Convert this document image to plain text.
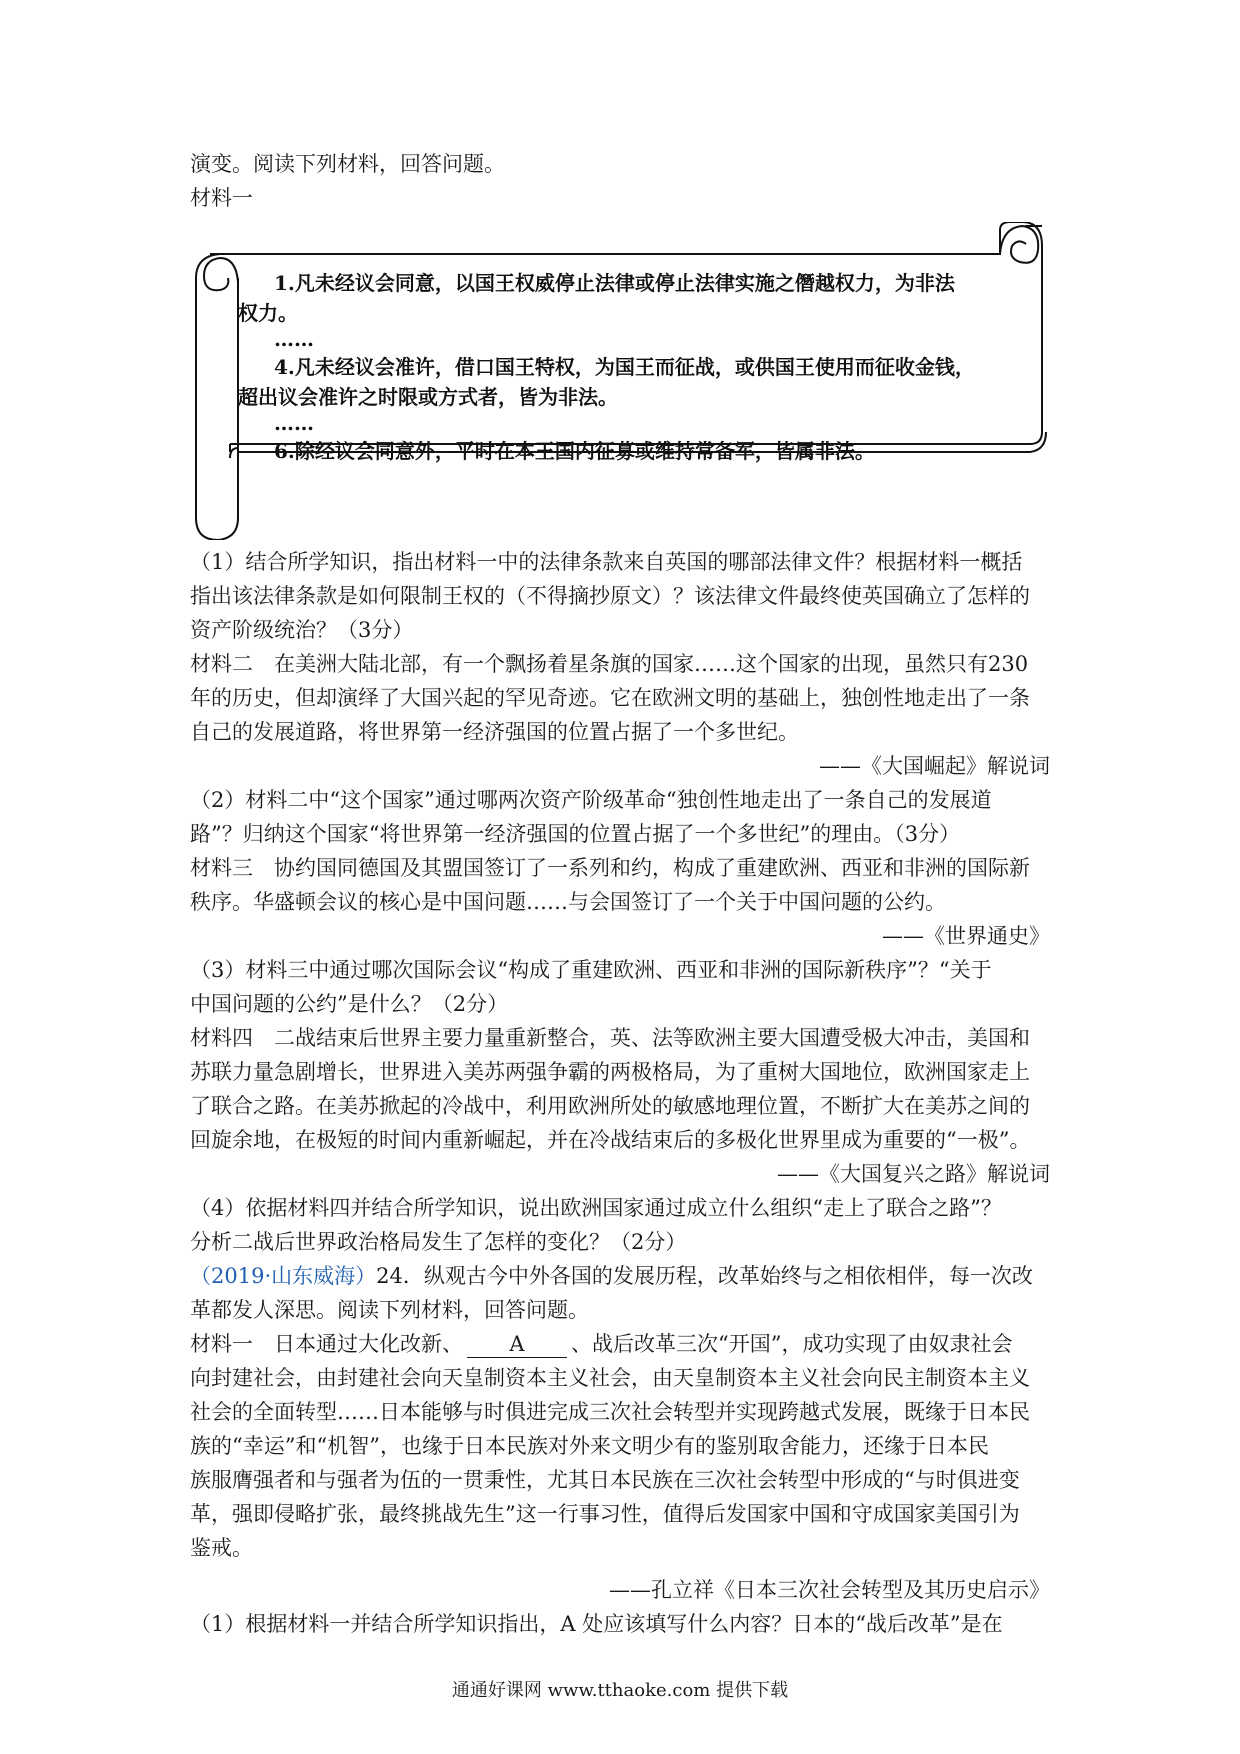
演变。阅读下列材料，回答问题。
材料一
1.凡未经议会同意，以国王权威停止法律或停止法律实施之僭越权力，为非法
权力。
……
4.凡未经议会准许，借口国王特权，为国王而征战，或供国王使用而征收金钱，
超出议会准许之时限或方式者，皆为非法。
……
6.除经议会同意外，平时在本王国内征募或维持常备军，皆属非法。
（1）结合所学知识，指出材料一中的法律条款来自英国的哪部法律文件？根据材料一概括
指出该法律条款是如何限制王权的（不得摘抄原文）？该法律文件最终使英国确立了怎样的
资产阶级统治？（3分）
材料二　在美洲大陆北部，有一个飘扬着星条旗的国家……这个国家的出现，虽然只有230
年的历史，但却演绎了大国兴起的罕见奇迹。它在欧洲文明的基础上，独创性地走出了一条
自己的发展道路，将世界第一经济强国的位置占据了一个多世纪。
——《大国崛起》解说词
（2）材料二中“这个国家”通过哪两次资产阶级革命“独创性地走出了一条自己的发展道
路”？归纳这个国家“将世界第一经济强国的位置占据了一个多世纪”的理由。（3分）
材料三　协约国同德国及其盟国签订了一系列和约，构成了重建欧洲、西亚和非洲的国际新
秩序。华盛顿会议的核心是中国问题……与会国签订了一个关于中国问题的公约。
——《世界通史》
（3）材料三中通过哪次国际会议“构成了重建欧洲、西亚和非洲的国际新秩序”？“关于
中国问题的公约”是什么？（2分）
材料四　二战结束后世界主要力量重新整合，英、法等欧洲主要大国遭受极大冲击，美国和
苏联力量急剧增长，世界进入美苏两强争霸的两极格局，为了重树大国地位，欧洲国家走上
了联合之路。在美苏掀起的冷战中，利用欧洲所处的敏感地理位置，不断扩大在美苏之间的
回旋余地，在极短的时间内重新崛起，并在冷战结束后的多极化世界里成为重要的“一极”。
——《大国复兴之路》解说词
（4）依据材料四并结合所学知识，说出欧洲国家通过成立什么组织“走上了联合之路”？
分析二战后世界政治格局发生了怎样的变化？（2分）
（2019·山东威海）24．纵观古今中外各国的发展历程，改革始终与之相依相伴，每一次改
革都发人深思。阅读下列材料，回答问题。
材料一　日本通过大化改新、 A 、战后改革三次“开国”，成功实现了由奴隶社会
向封建社会，由封建社会向天皇制资本主义社会，由天皇制资本主义社会向民主制资本主义
社会的全面转型……日本能够与时俱进完成三次社会转型并实现跨越式发展，既缘于日本民
族的“幸运”和“机智”，也缘于日本民族对外来文明少有的鉴别取舍能力，还缘于日本民
族服膺强者和与强者为伍的一贯秉性，尤其日本民族在三次社会转型中形成的“与时俱进变
革，强即侵略扩张，最终挑战先生”这一行事习性，值得后发国家中国和守成国家美国引为
鉴戒。
——孔立祥《日本三次社会转型及其历史启示》
（1）根据材料一并结合所学知识指出，A 处应该填写什么内容？日本的“战后改革”是在
通通好课网 www.tthaoke.com 提供下载
